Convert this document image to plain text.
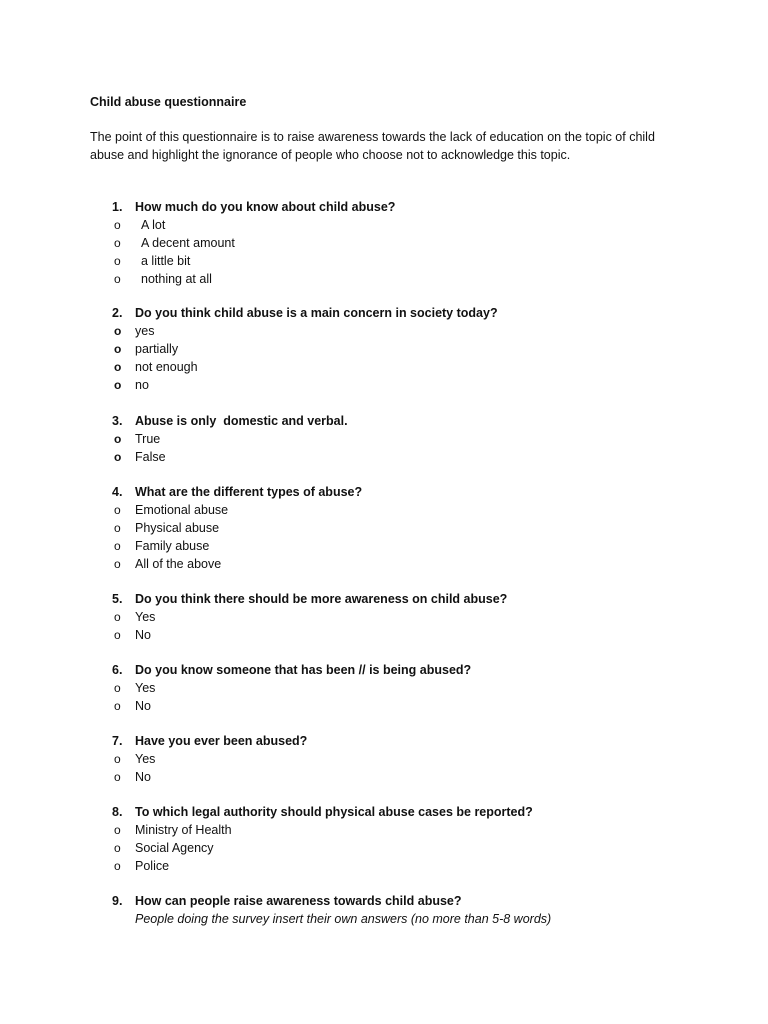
Child abuse questionnaire
The point of this questionnaire is to raise awareness towards the lack of education on the topic of child abuse and highlight the ignorance of people who choose not to acknowledge this topic.
1.	How much do you know about child abuse?
o A lot
o A decent amount
o a little bit
o nothing at all
2.	Do you think child abuse is a main concern in society today?
o yes
o partially
o not enough
o no
3.	Abuse is only  domestic and verbal.
o True
o False
4.	What are the different types of abuse?
o Emotional abuse
o Physical abuse
o Family abuse
o All of the above
5.	Do you think there should be more awareness on child abuse?
o Yes
o No
6.	Do you know someone that has been // is being abused?
o Yes
o No
7.	Have you ever been abused?
o Yes
o No
8.	To which legal authority should physical abuse cases be reported?
o Ministry of Health
o Social Agency
o Police
9.	How can people raise awareness towards child abuse?
People doing the survey insert their own answers (no more than 5-8 words)
